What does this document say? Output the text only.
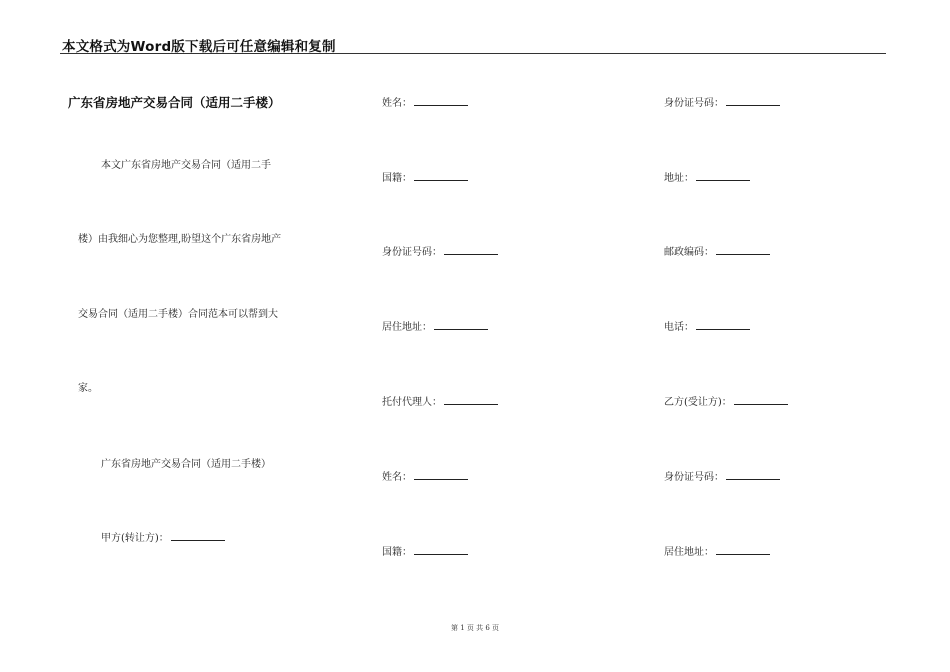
本文格式为Word版下载后可任意编辑和复制
广东省房地产交易合同（适用二手楼）
本文广东省房地产交易合同（适用二手
楼）由我细心为您整理,盼望这个广东省房地产
交易合同（适用二手楼）合同范本可以帮到大
家。
广东省房地产交易合同（适用二手楼）
甲方(转让方)：
姓名：
国籍：
身份证号码：
居住地址：
托付代理人：
姓名：
国籍：
身份证号码：
地址：
邮政编码：
电话：
乙方(受让方)：
身份证号码：
居住地址：
第 1 页 共 6 页
